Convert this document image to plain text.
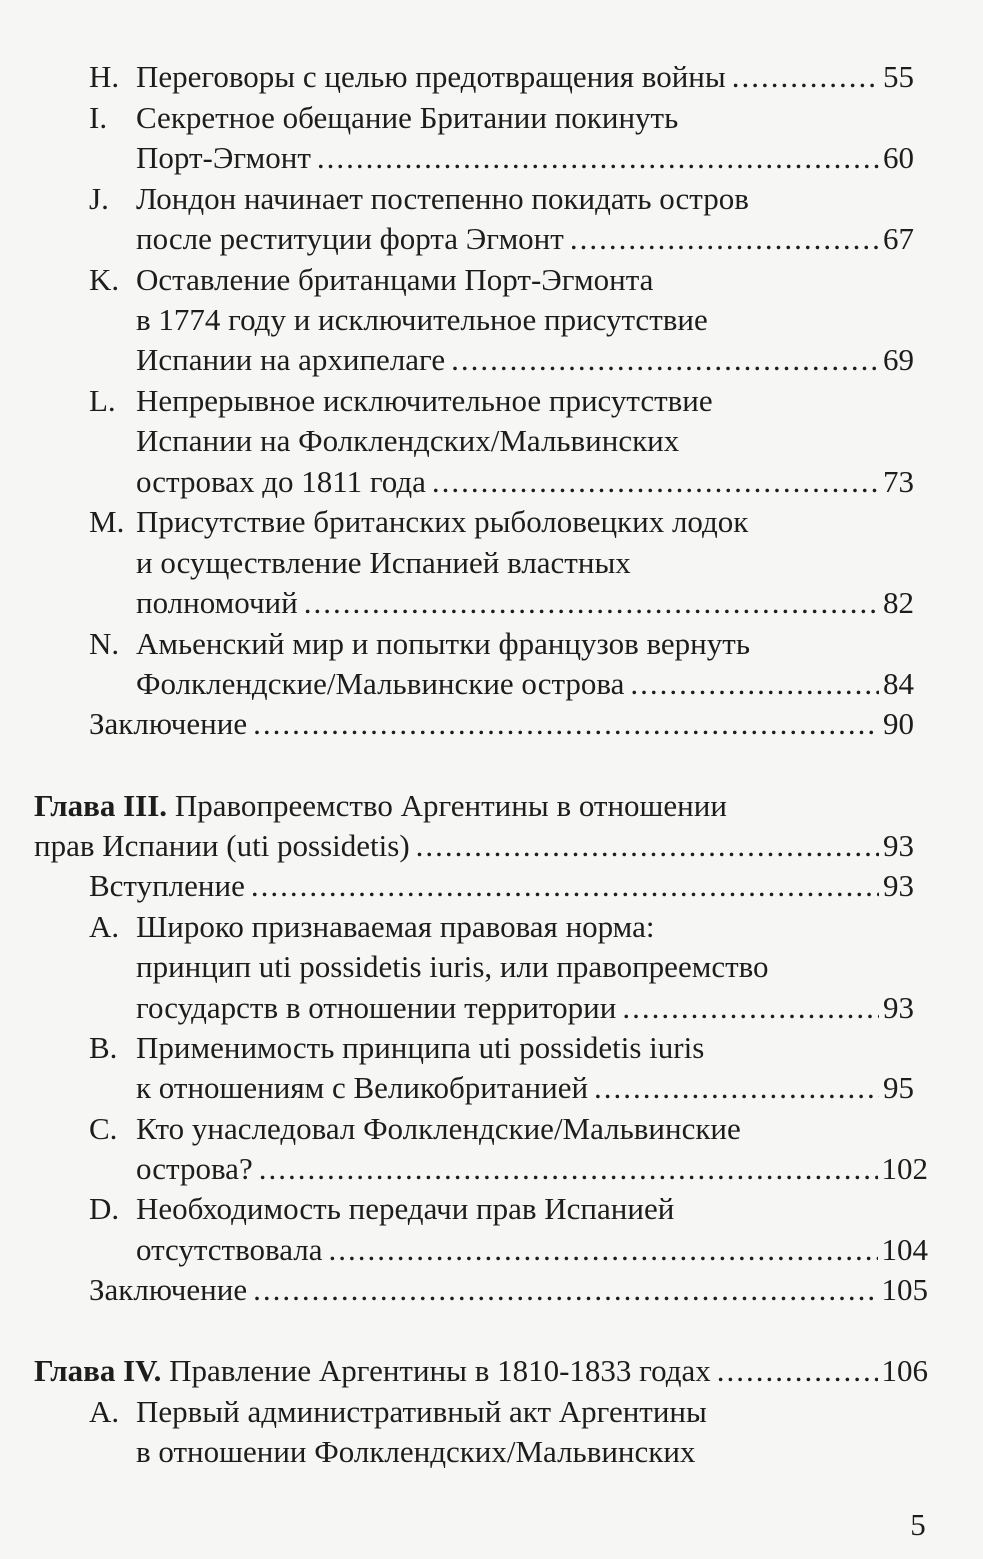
H. Переговоры с целью предотвращения войны .....	55
I. Секретное обещание Британии покинуть
Порт-Эгмонт .....	60
J. Лондон начинает постепенно покидать остров
после реституции форта Эгмонт .....	67
K. Оставление британцами Порт-Эгмонта
в 1774 году и исключительное присутствие
Испании на архипелаге .....	69
L. Непрерывное исключительное присутствие
Испании на Фолклендских/Мальвинских
островах до 1811 года .....	73
M. Присутствие британских рыболовецких лодок
и осуществление Испанией властных
полномочий .....	82
N. Амьенский мир и попытки французов вернуть
Фолклендские/Мальвинские острова .....	84
Заключение .....	90
Глава III. Правопреемство Аргентины в отношении
прав Испании (uti possidetis) .....	93
Вступление .....	93
A. Широко признаваемая правовая норма:
принцип uti possidetis iuris, или правопреемство
государств в отношении территории .....	93
B. Применимость принципа uti possidetis iuris
к отношениям с Великобританией .....	95
C. Кто унаследовал Фолклендские/Мальвинские
острова? .....	102
D. Необходимость передачи прав Испанией
отсутствовала .....	104
Заключение .....	105
Глава IV. Правление Аргентины в 1810-1833 годах .....	106
A. Первый административный акт Аргентины
в отношении Фолклендских/Мальвинских
5
